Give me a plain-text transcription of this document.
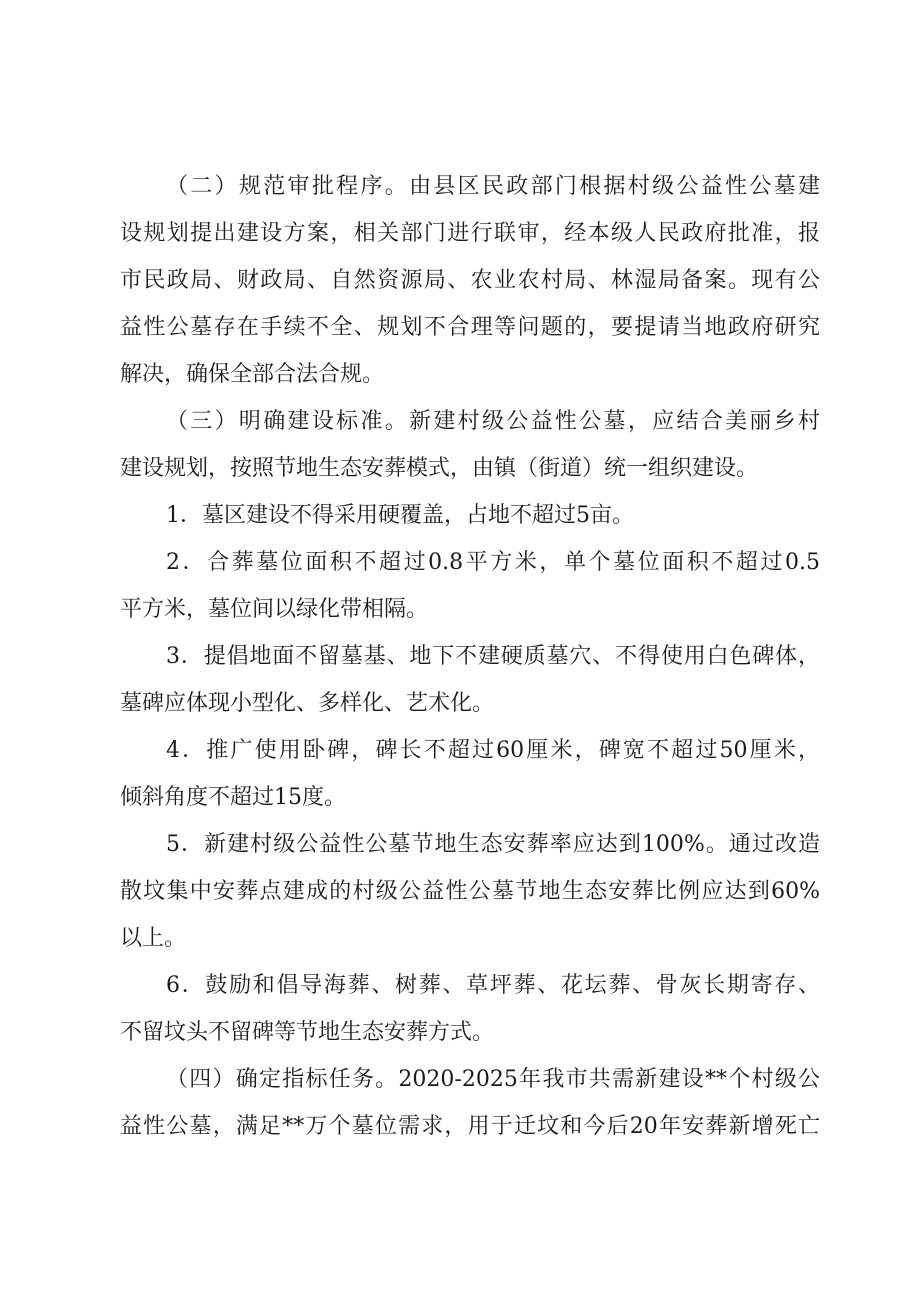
（二）规范审批程序。由县区民政部门根据村级公益性公墓建
设规划提出建设方案，相关部门进行联审，经本级人民政府批准，报
市民政局、财政局、自然资源局、农业农村局、林湿局备案。现有公
益性公墓存在手续不全、规划不合理等问题的，要提请当地政府研究
解决，确保全部合法合规。
（三）明确建设标准。新建村级公益性公墓，应结合美丽乡村
建设规划，按照节地生态安葬模式，由镇（街道）统一组织建设。
1．墓区建设不得采用硬覆盖，占地不超过5亩。
2．合葬墓位面积不超过0.8平方米，单个墓位面积不超过0.5
平方米，墓位间以绿化带相隔。
3．提倡地面不留墓基、地下不建硬质墓穴、不得使用白色碑体，
墓碑应体现小型化、多样化、艺术化。
4．推广使用卧碑，碑长不超过60厘米，碑宽不超过50厘米，
倾斜角度不超过15度。
5．新建村级公益性公墓节地生态安葬率应达到100%。通过改造
散坟集中安葬点建成的村级公益性公墓节地生态安葬比例应达到60%
以上。
6．鼓励和倡导海葬、树葬、草坪葬、花坛葬、骨灰长期寄存、
不留坟头不留碑等节地生态安葬方式。
（四）确定指标任务。2020-2025年我市共需新建设**个村级公
益性公墓，满足**万个墓位需求，用于迁坟和今后20年安葬新增死亡
